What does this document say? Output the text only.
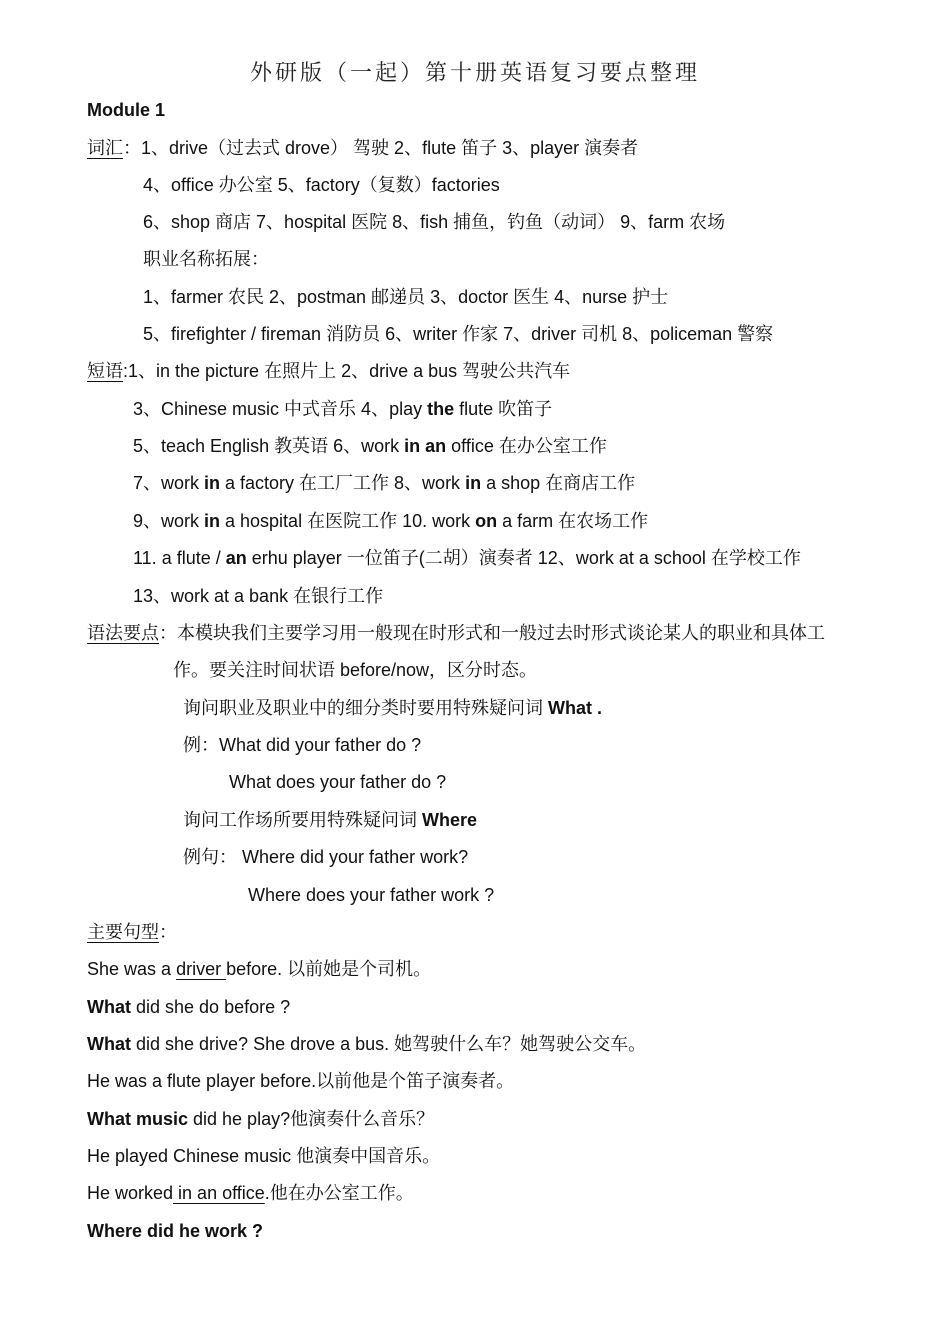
外研版（一起）第十册英语复习要点整理
Module 1
词汇：1、drive（过去式 drove） 驾驶 2、flute 笛子 3、player 演奏者
4、office 办公室 5、factory（复数）factories
6、shop 商店 7、hospital 医院 8、fish 捕鱼，钓鱼（动词） 9、farm 农场
职业名称拓展：
1、farmer 农民 2、postman 邮递员 3、doctor 医生 4、nurse 护士
5、firefighter / fireman 消防员 6、writer 作家 7、driver 司机 8、policeman 警察
短语:1、in the picture 在照片上 2、drive a bus 驾驶公共汽车
3、Chinese music 中式音乐 4、play the flute 吹笛子
5、teach English 教英语 6、work in an office 在办公室工作
7、work in a factory 在工厂工作 8、work in a shop 在商店工作
9、work in a hospital 在医院工作 10. work on a farm 在农场工作
11. a flute / an erhu player 一位笛子(二胡）演奏者 12、work at a school 在学校工作
13、work at a bank 在银行工作
语法要点：本模块我们主要学习用一般现在时形式和一般过去时形式谈论某人的职业和具体工
作。要关注时间状语 before/now，区分时态。
询问职业及职业中的细分类时要用特殊疑问词 What .
例：What did your father do ?
What does your father do ?
询问工作场所要用特殊疑问词 Where
例句： Where did your father work?
Where does your father work ?
主要句型：
She was a driver before. 以前她是个司机。
What did she do before ?
What did she drive? She drove a bus. 她驾驶什么车？她驾驶公交车。
He was a flute player before.以前他是个笛子演奏者。
What music did he play?他演奏什么音乐？
He played Chinese music 他演奏中国音乐。
He worked in an office.他在办公室工作。
Where did he work ?
